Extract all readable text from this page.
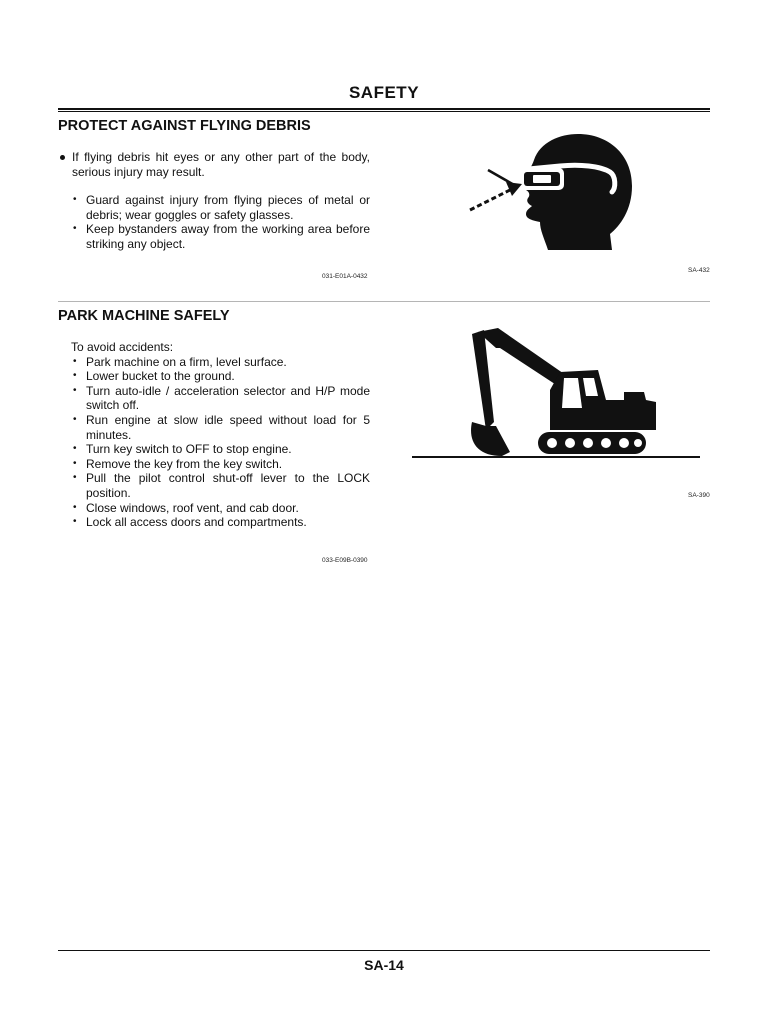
SAFETY
PROTECT AGAINST FLYING DEBRIS
If flying debris hit eyes or any other part of the body, serious injury may result.
• Guard against injury from flying pieces of metal or debris; wear goggles or safety glasses.
• Keep bystanders away from the working area before striking any object.
031-E01A-0432
SA-432
PARK MACHINE SAFELY
To avoid accidents:
• Park machine on a firm, level surface.
• Lower bucket to the ground.
• Turn auto-idle / acceleration selector and H/P mode switch off.
• Run engine at slow idle speed without load for 5 minutes.
• Turn key switch to OFF to stop engine.
• Remove the key from the key switch.
• Pull the pilot control shut-off lever to the LOCK position.
• Close windows, roof vent, and cab door.
• Lock all access doors and compartments.
033-E09B-0390
SA-390
SA-14
